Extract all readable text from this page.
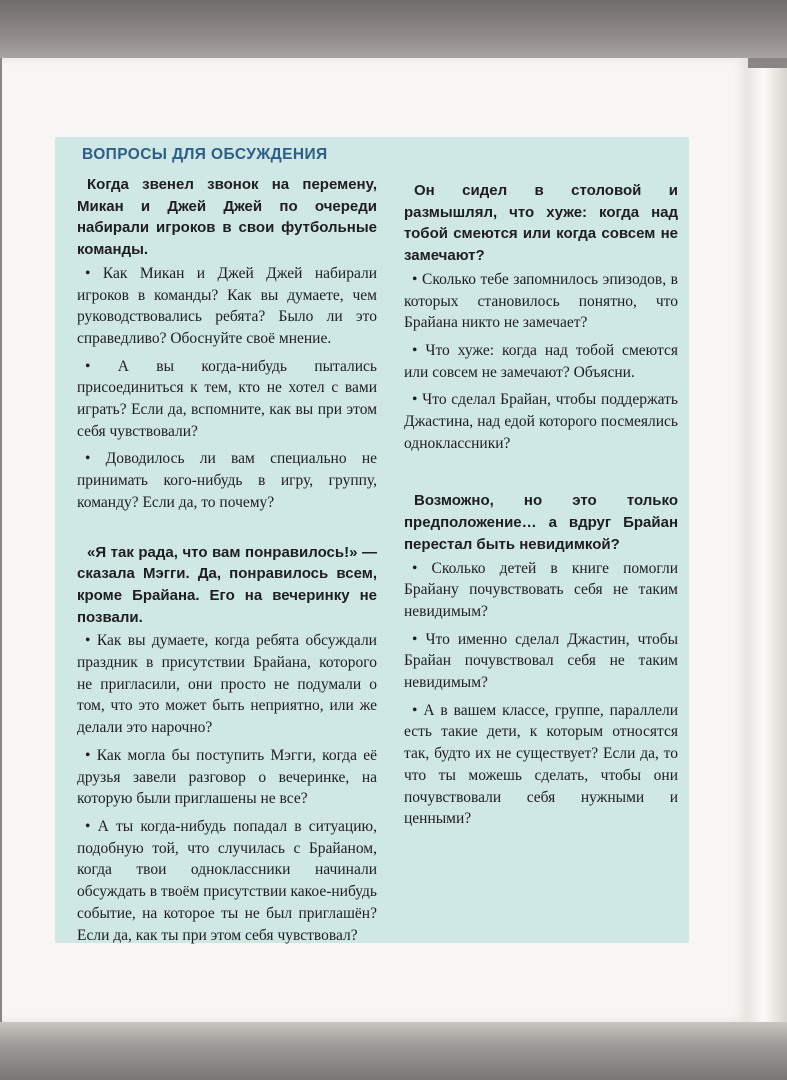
ВОПРОСЫ ДЛЯ ОБСУЖДЕНИЯ

Когда звенел звонок на перемену, Микан и Джей Джей по очереди набирали игроков в свои футбольные команды.

• Как Микан и Джей Джей набирали игроков в команды? Как вы думаете, чем руководствовались ребята? Было ли это справедливо? Обоснуйте своё мнение.

• А вы когда-нибудь пытались присоединиться к тем, кто не хотел с вами играть? Если да, вспомните, как вы при этом себя чувствовали?

• Доводилось ли вам специально не принимать кого-нибудь в игру, группу, команду? Если да, то почему?

«Я так рада, что вам понравилось!» — сказала Мэгги. Да, понравилось всем, кроме Брайана. Его на вечеринку не позвали.

• Как вы думаете, когда ребята обсуждали праздник в присутствии Брайана, которого не пригласили, они просто не подумали о том, что это может быть неприятно, или же делали это нарочно?

• Как могла бы поступить Мэгги, когда её друзья завели разговор о вечеринке, на которую были приглашены не все?

• А ты когда-нибудь попадал в ситуацию, подобную той, что случилась с Брайаном, когда твои одноклассники начинали обсуждать в твоём присутствии какое-нибудь событие, на которое ты не был приглашён? Если да, как ты при этом себя чувствовал?

Он сидел в столовой и размышлял, что хуже: когда над тобой смеются или когда совсем не замечают?

• Сколько тебе запомнилось эпизодов, в которых становилось понятно, что Брайана никто не замечает?

• Что хуже: когда над тобой смеются или совсем не замечают? Объясни.

• Что сделал Брайан, чтобы поддержать Джастина, над едой которого посмеялись одноклассники?

Возможно, но это только предположение… а вдруг Брайан перестал быть невидимкой?

• Сколько детей в книге помогли Брайану почувствовать себя не таким невидимым?

• Что именно сделал Джастин, чтобы Брайан почувствовал себя не таким невидимым?

• А в вашем классе, группе, параллели есть такие дети, к которым относятся так, будто их не существует? Если да, то что ты можешь сделать, чтобы они почувствовали себя нужными и ценными?
